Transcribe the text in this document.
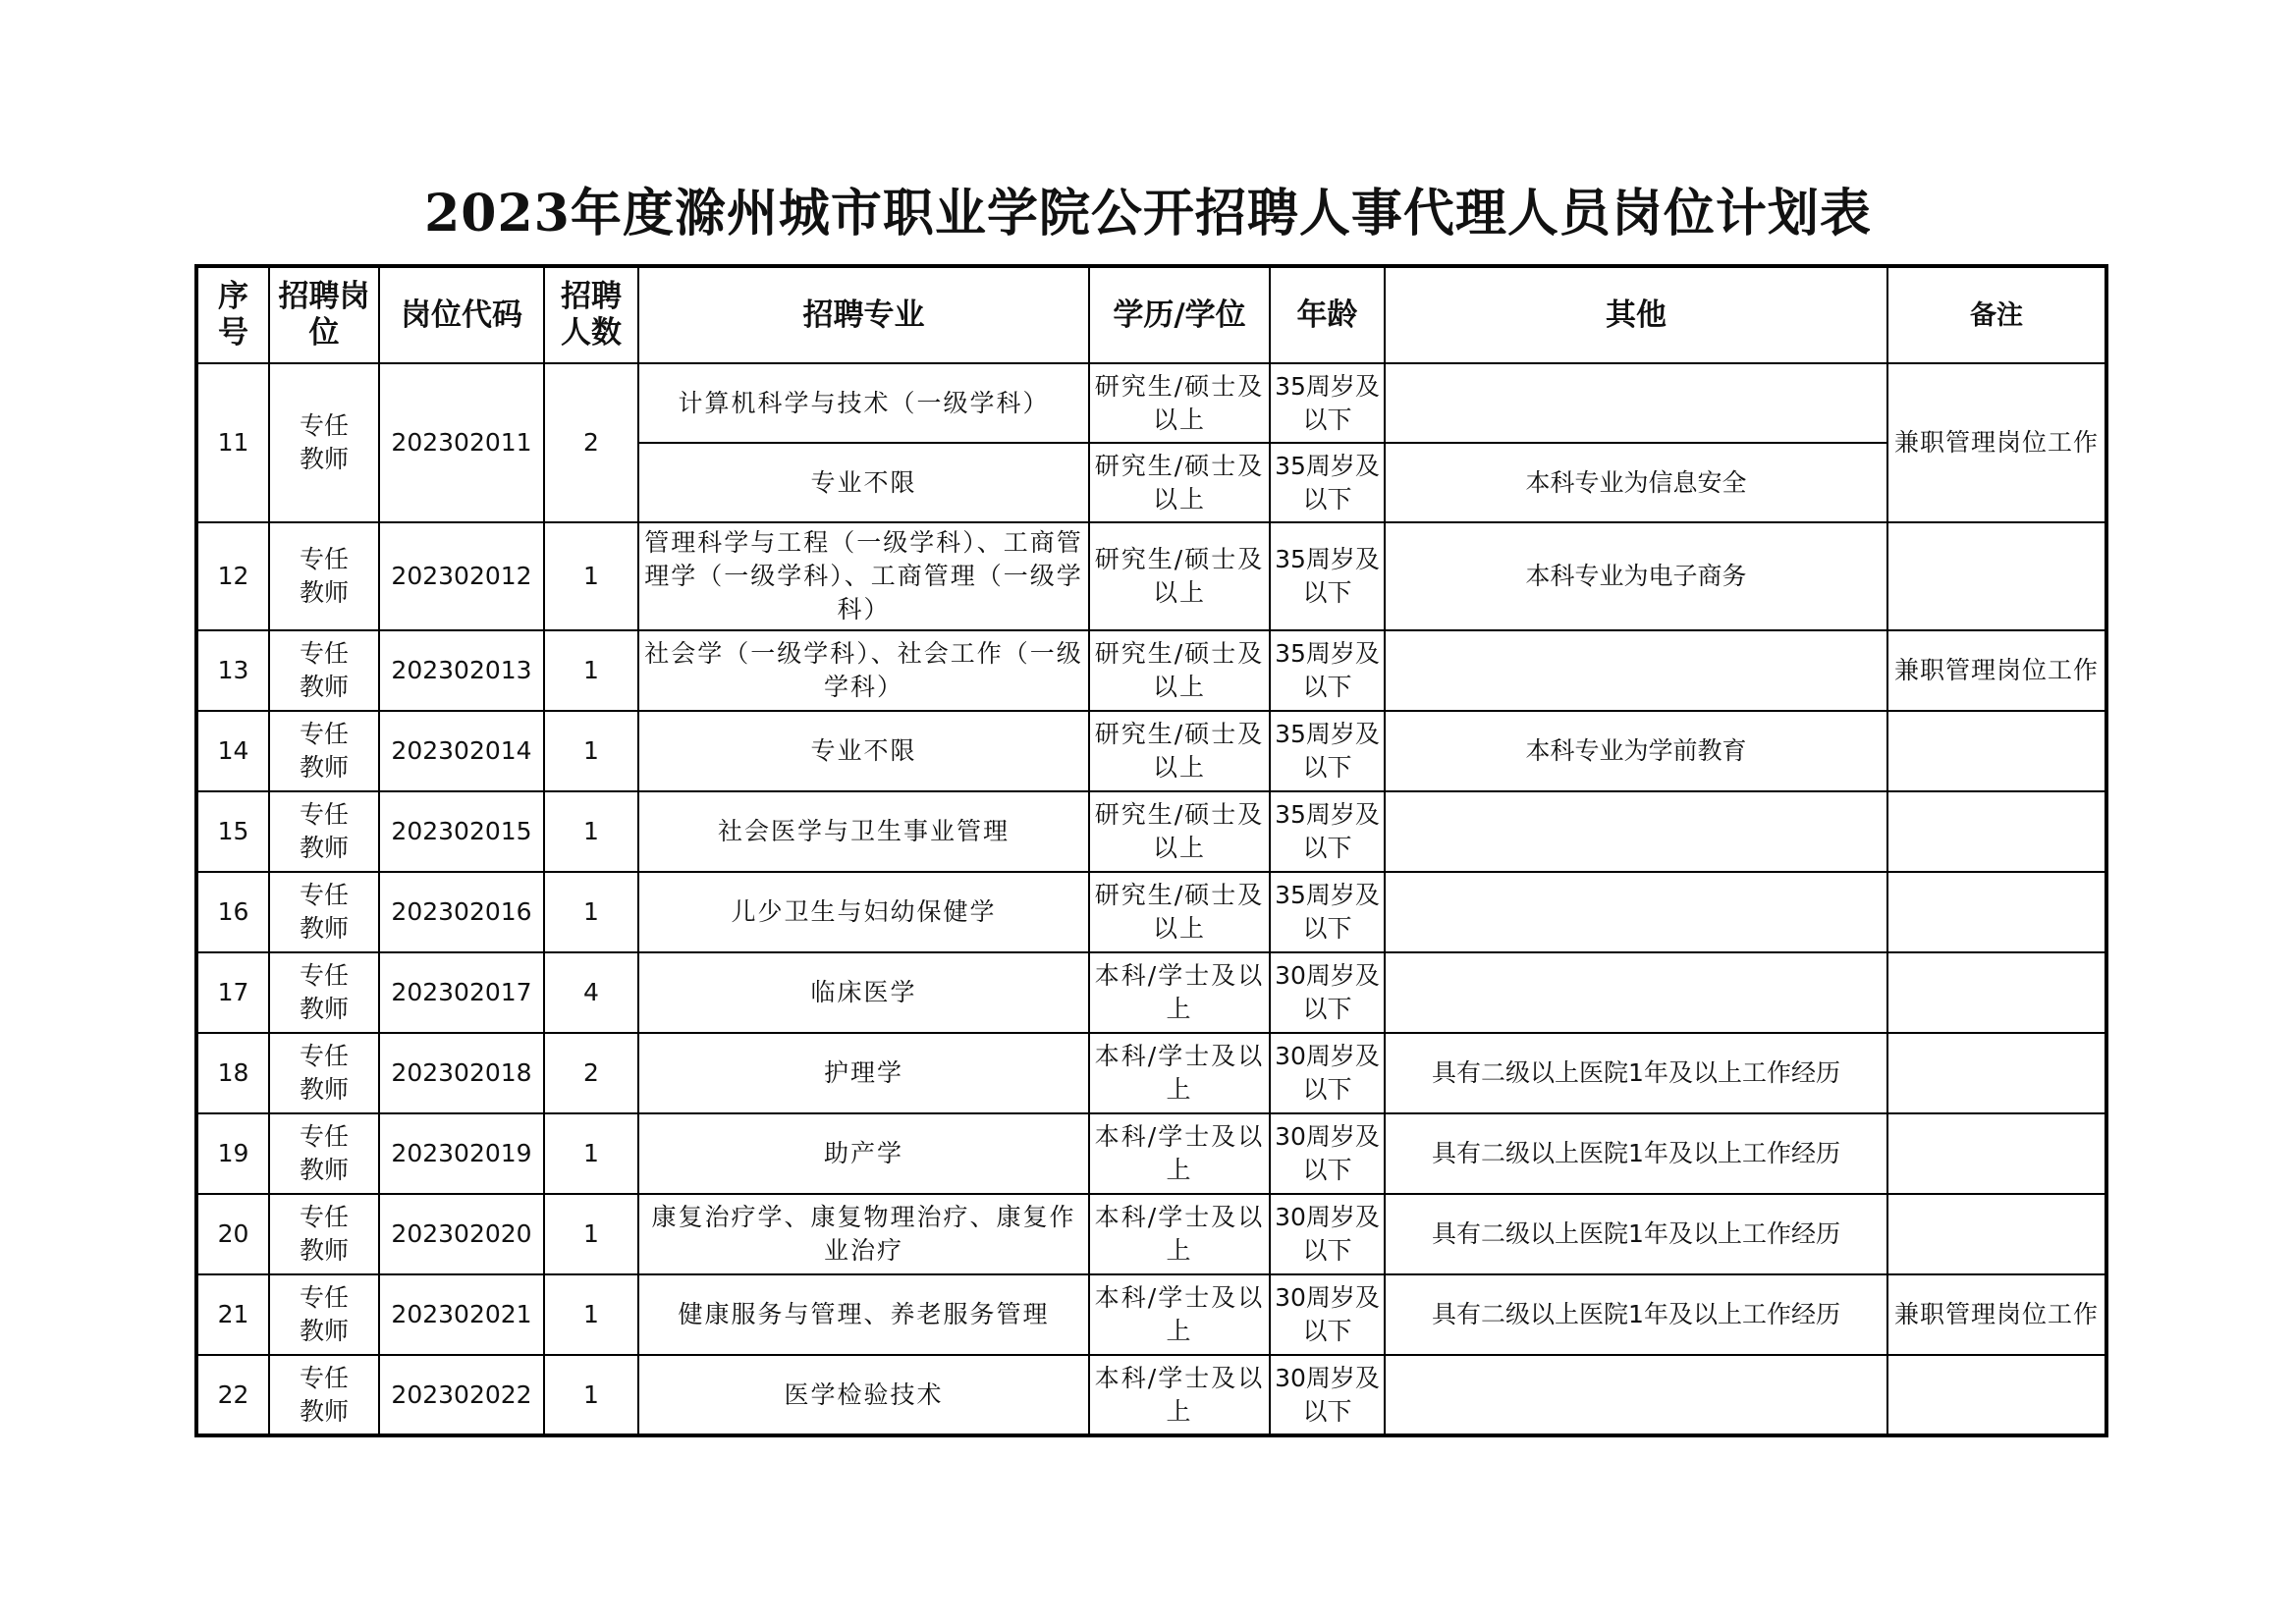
2023年度滁州城市职业学院公开招聘人事代理人员岗位计划表
序号	招聘岗位	岗位代码	招聘人数	招聘专业	学历/学位	年龄	其他	备注
11	专任教师	202302011	2	计算机科学与技术（一级学科）	研究生/硕士及以上	35周岁及以下		兼职管理岗位工作
				专业不限	研究生/硕士及以上	35周岁及以下	本科专业为信息安全	
12	专任教师	202302012	1	管理科学与工程（一级学科）、工商管理学（一级学科）、工商管理（一级学科）	研究生/硕士及以上	35周岁及以下	本科专业为电子商务	
13	专任教师	202302013	1	社会学（一级学科）、社会工作（一级学科）	研究生/硕士及以上	35周岁及以下		兼职管理岗位工作
14	专任教师	202302014	1	专业不限	研究生/硕士及以上	35周岁及以下	本科专业为学前教育	
15	专任教师	202302015	1	社会医学与卫生事业管理	研究生/硕士及以上	35周岁及以下		
16	专任教师	202302016	1	儿少卫生与妇幼保健学	研究生/硕士及以上	35周岁及以下		
17	专任教师	202302017	4	临床医学	本科/学士及以上	30周岁及以下		
18	专任教师	202302018	2	护理学	本科/学士及以上	30周岁及以下	具有二级以上医院1年及以上工作经历	
19	专任教师	202302019	1	助产学	本科/学士及以上	30周岁及以下	具有二级以上医院1年及以上工作经历	
20	专任教师	202302020	1	康复治疗学、康复物理治疗、康复作业治疗	本科/学士及以上	30周岁及以下	具有二级以上医院1年及以上工作经历	
21	专任教师	202302021	1	健康服务与管理、养老服务管理	本科/学士及以上	30周岁及以下	具有二级以上医院1年及以上工作经历	兼职管理岗位工作
22	专任教师	202302022	1	医学检验技术	本科/学士及以上	30周岁及以下		
